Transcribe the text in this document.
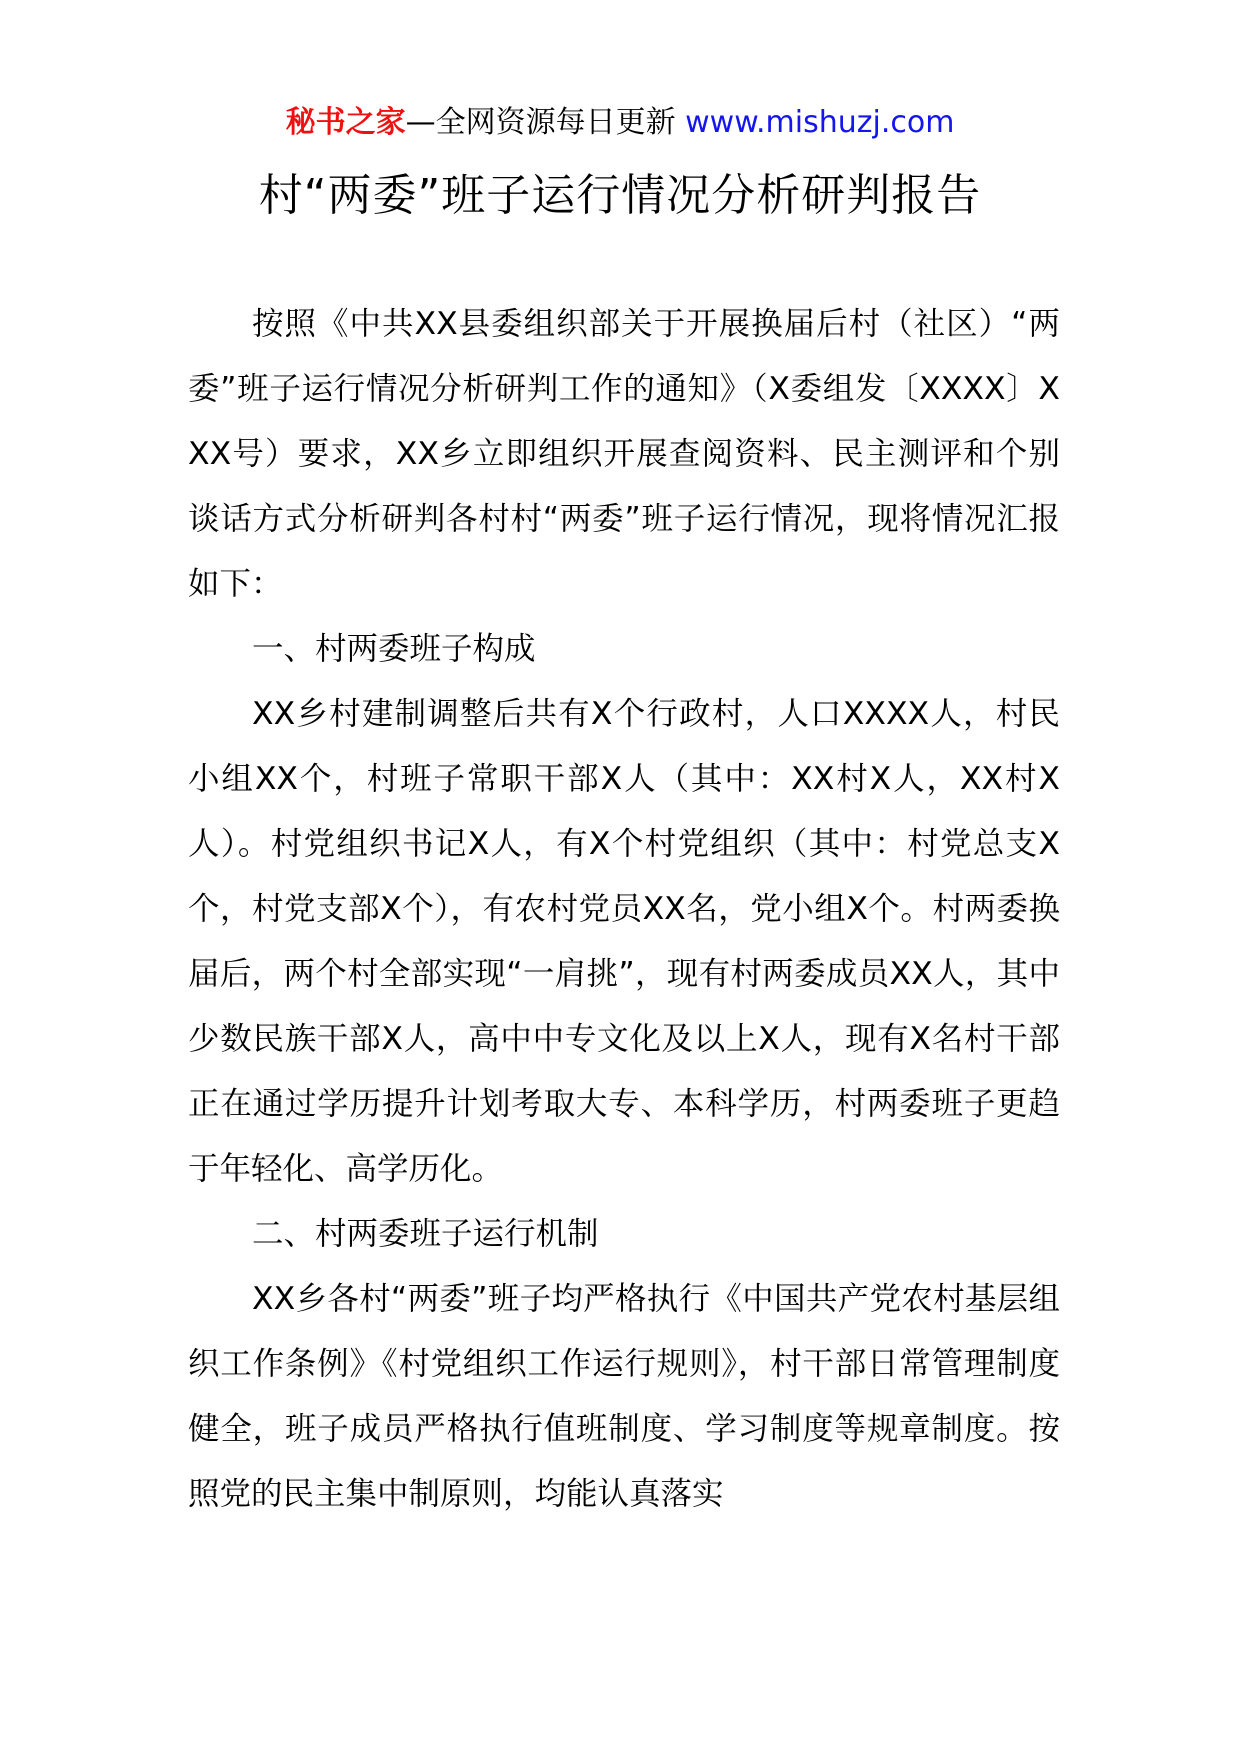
秘书之家—全网资源每日更新 www.mishuzj.com
村“两委”班子运行情况分析研判报告

按照《中共XX县委组织部关于开展换届后村（社区）“两委”班子运行情况分析研判工作的通知》（X委组发〔XXXX〕XXX号）要求，XX乡立即组织开展查阅资料、民主测评和个别谈话方式分析研判各村村“两委”班子运行情况，现将情况汇报如下：

一、村两委班子构成

XX乡村建制调整后共有X个行政村，人口XXXX人，村民小组XX个，村班子常职干部X人（其中：XX村X人，XX村X人）。村党组织书记X人，有X个村党组织（其中：村党总支X个，村党支部X个），有农村党员XX名，党小组X个。村两委换届后，两个村全部实现“一肩挑”，现有村两委成员XX人，其中少数民族干部X人，高中中专文化及以上X人，现有X名村干部正在通过学历提升计划考取大专、本科学历，村两委班子更趋于年轻化、高学历化。

二、村两委班子运行机制

XX乡各村“两委”班子均严格执行《中国共产党农村基层组织工作条例》《村党组织工作运行规则》，村干部日常管理制度健全，班子成员严格执行值班制度、学习制度等规章制度。按照党的民主集中制原则，均能认真落实
